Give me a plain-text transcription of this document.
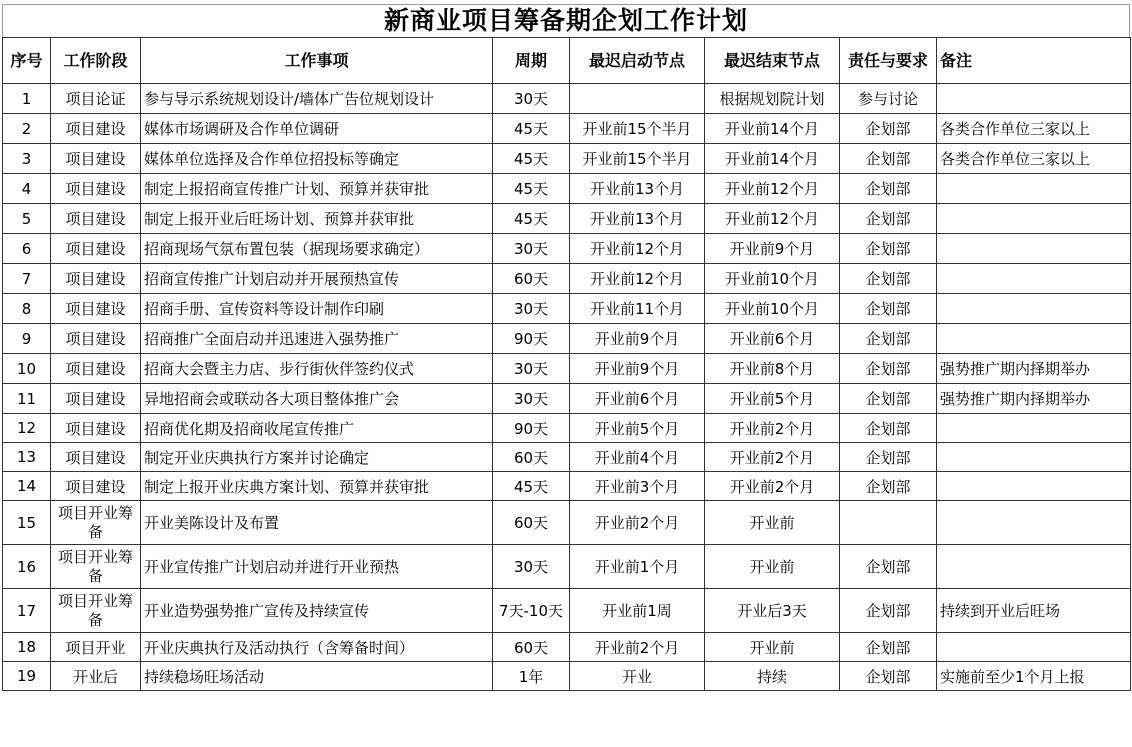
新商业项目筹备期企划工作计划
序号	工作阶段	工作事项	周期	最迟启动节点	最迟结束节点	责任与要求	备注
1	项目论证	参与导示系统规划设计/墙体广告位规划设计	30天		根据规划院计划	参与讨论	
2	项目建设	媒体市场调研及合作单位调研	45天	开业前15个半月	开业前14个月	企划部	各类合作单位三家以上
3	项目建设	媒体单位选择及合作单位招投标等确定	45天	开业前15个半月	开业前14个月	企划部	各类合作单位三家以上
4	项目建设	制定上报招商宣传推广计划、预算并获审批	45天	开业前13个月	开业前12个月	企划部	
5	项目建设	制定上报开业后旺场计划、预算并获审批	45天	开业前13个月	开业前12个月	企划部	
6	项目建设	招商现场气氛布置包装（据现场要求确定）	30天	开业前12个月	开业前9个月	企划部	
7	项目建设	招商宣传推广计划启动并开展预热宣传	60天	开业前12个月	开业前10个月	企划部	
8	项目建设	招商手册、宣传资料等设计制作印刷	30天	开业前11个月	开业前10个月	企划部	
9	项目建设	招商推广全面启动并迅速进入强势推广	90天	开业前9个月	开业前6个月	企划部	
10	项目建设	招商大会暨主力店、步行街伙伴签约仪式	30天	开业前9个月	开业前8个月	企划部	强势推广期内择期举办
11	项目建设	异地招商会或联动各大项目整体推广会	30天	开业前6个月	开业前5个月	企划部	强势推广期内择期举办
12	项目建设	招商优化期及招商收尾宣传推广	90天	开业前5个月	开业前2个月	企划部	
13	项目建设	制定开业庆典执行方案并讨论确定	60天	开业前4个月	开业前2个月	企划部	
14	项目建设	制定上报开业庆典方案计划、预算并获审批	45天	开业前3个月	开业前2个月	企划部	
15	项目开业筹备	开业美陈设计及布置	60天	开业前2个月	开业前		
16	项目开业筹备	开业宣传推广计划启动并进行开业预热	30天	开业前1个月	开业前	企划部	
17	项目开业筹备	开业造势强势推广宣传及持续宣传	7天-10天	开业前1周	开业后3天	企划部	持续到开业后旺场
18	项目开业	开业庆典执行及活动执行（含筹备时间）	60天	开业前2个月	开业前	企划部	
19	开业后	持续稳场旺场活动	1年	开业	持续	企划部	实施前至少1个月上报
